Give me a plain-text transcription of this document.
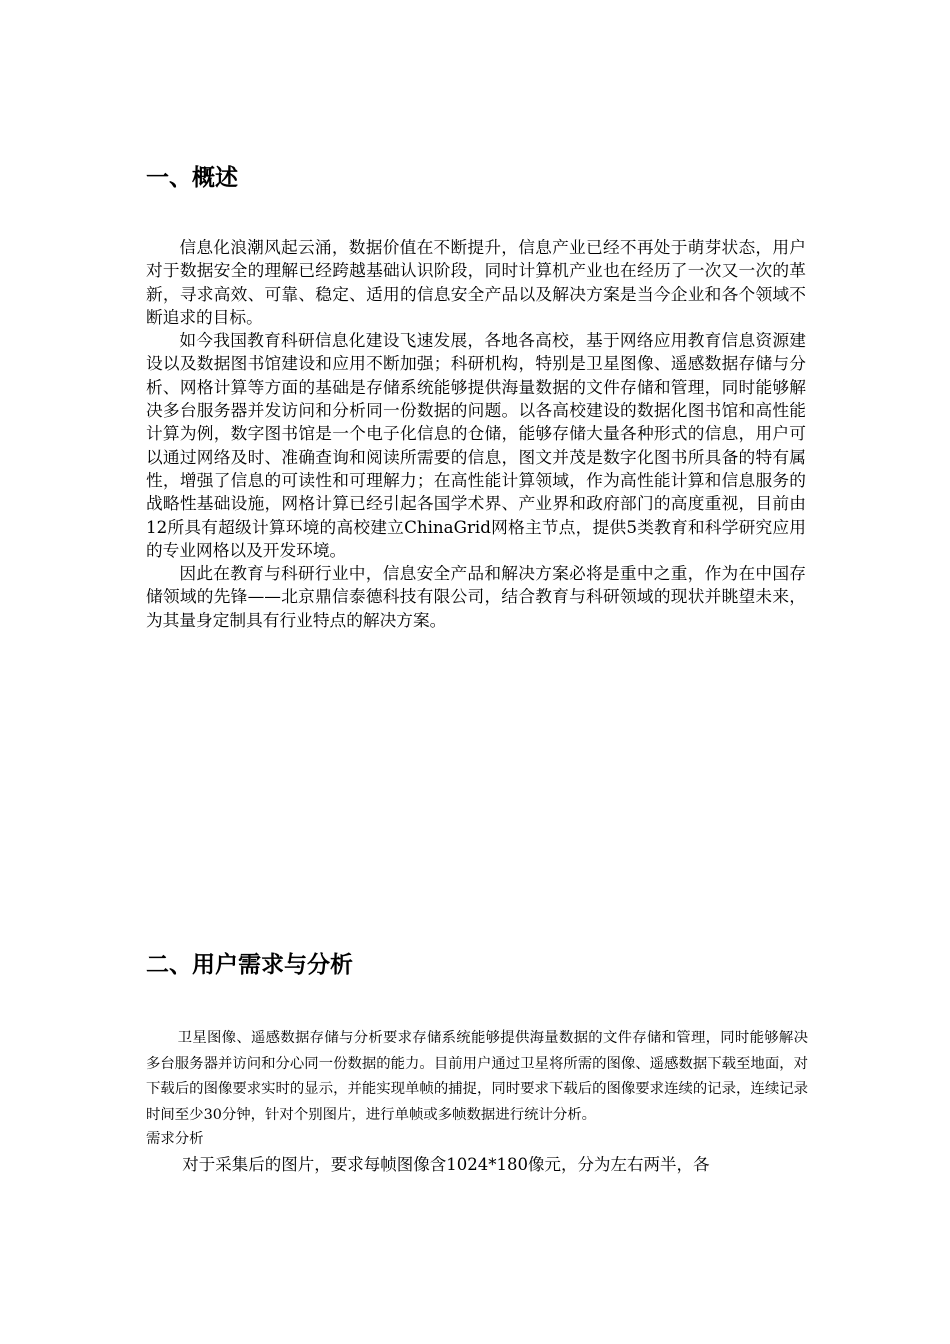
一、概述

信息化浪潮风起云涌，数据价值在不断提升，信息产业已经不再处于萌芽状态，用户对于数据安全的理解已经跨越基础认识阶段，同时计算机产业也在经历了一次又一次的革新，寻求高效、可靠、稳定、适用的信息安全产品以及解决方案是当今企业和各个领域不断追求的目标。

如今我国教育科研信息化建设飞速发展，各地各高校，基于网络应用教育信息资源建设以及数据图书馆建设和应用不断加强；科研机构，特别是卫星图像、遥感数据存储与分析、网格计算等方面的基础是存储系统能够提供海量数据的文件存储和管理，同时能够解决多台服务器并发访问和分析同一份数据的问题。以各高校建设的数据化图书馆和高性能计算为例，数字图书馆是一个电子化信息的仓储，能够存储大量各种形式的信息，用户可以通过网络及时、准确查询和阅读所需要的信息，图文并茂是数字化图书所具备的特有属性，增强了信息的可读性和可理解力；在高性能计算领域，作为高性能计算和信息服务的战略性基础设施，网格计算已经引起各国学术界、产业界和政府部门的高度重视，目前由12所具有超级计算环境的高校建立ChinaGrid网格主节点，提供5类教育和科学研究应用的专业网格以及开发环境。

因此在教育与科研行业中，信息安全产品和解决方案必将是重中之重，作为在中国存储领域的先锋——北京鼎信泰德科技有限公司，结合教育与科研领域的现状并眺望未来，为其量身定制具有行业特点的解决方案。

二、用户需求与分析

卫星图像、遥感数据存储与分析要求存储系统能够提供海量数据的文件存储和管理，同时能够解决多台服务器并访问和分心同一份数据的能力。目前用户通过卫星将所需的图像、遥感数据下载至地面，对下载后的图像要求实时的显示，并能实现单帧的捕捉，同时要求下载后的图像要求连续的记录，连续记录时间至少30分钟，针对个别图片，进行单帧或多帧数据进行统计分析。

需求分析

对于采集后的图片，要求每帧图像含1024*180像元，分为左右两半，各
